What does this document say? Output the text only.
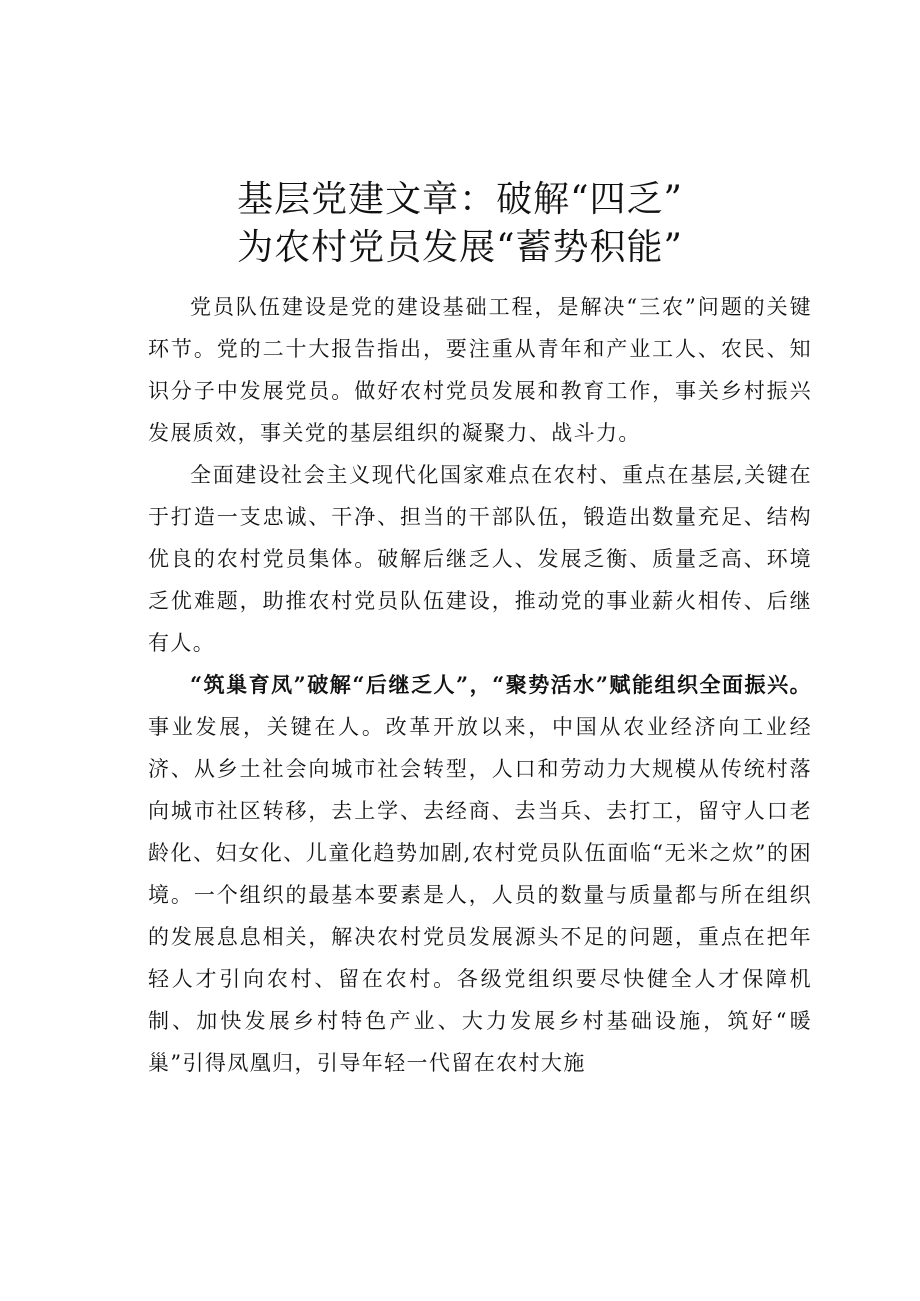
基层党建文章：破解“四乏”
为农村党员发展“蓄势积能”

党员队伍建设是党的建设基础工程，是解决“三农”问题的关键环节。党的二十大报告指出，要注重从青年和产业工人、农民、知识分子中发展党员。做好农村党员发展和教育工作，事关乡村振兴发展质效，事关党的基层组织的凝聚力、战斗力。

全面建设社会主义现代化国家难点在农村、重点在基层,关键在于打造一支忠诚、干净、担当的干部队伍，锻造出数量充足、结构优良的农村党员集体。破解后继乏人、发展乏衡、质量乏高、环境乏优难题，助推农村党员队伍建设，推动党的事业薪火相传、后继有人。

“筑巢育凤”破解“后继乏人”，“聚势活水”赋能组织全面振兴。事业发展，关键在人。改革开放以来，中国从农业经济向工业经济、从乡土社会向城市社会转型，人口和劳动力大规模从传统村落向城市社区转移，去上学、去经商、去当兵、去打工，留守人口老龄化、妇女化、儿童化趋势加剧,农村党员队伍面临“无米之炊”的困境。一个组织的最基本要素是人，人员的数量与质量都与所在组织的发展息息相关，解决农村党员发展源头不足的问题，重点在把年轻人才引向农村、留在农村。各级党组织要尽快健全人才保障机制、加快发展乡村特色产业、大力发展乡村基础设施，筑好“暖巢”引得凤凰归，引导年轻一代留在农村大施
